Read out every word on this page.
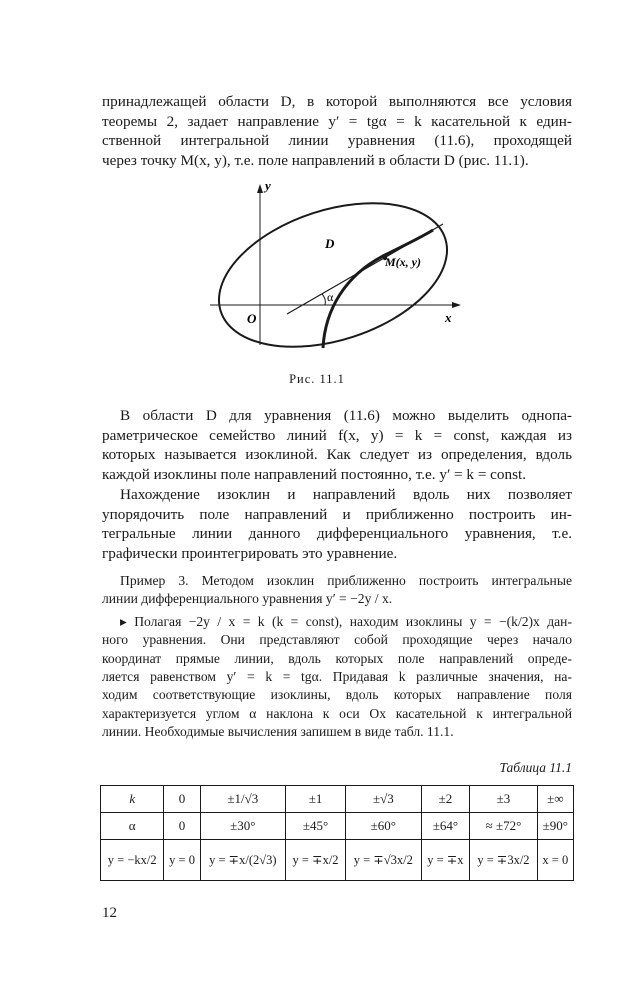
принадлежащей области D, в которой выполняются все условия
теоремы 2, задает направление y′ = tgα = k касательной к един-
ственной интегральной линии уравнения (11.6), проходящей
через точку M(x, y), т.е. поле направлений в области D (рис. 11.1).

y
x
O
D
M(x, y)
α
Рис. 11.1

В области D для уравнения (11.6) можно выделить однопа-
раметрическое семейство линий f(x, y) = k = const, каждая из
которых называется изоклиной. Как следует из определения, вдоль
каждой изоклины поле направлений постоянно, т.е. y′ = k = const.

Нахождение изоклин и направлений вдоль них позволяет
упорядочить поле направлений и приближенно построить ин-
тегральные линии данного дифференциального уравнения, т.е.
графически проинтегрировать это уравнение.

Пример 3. Методом изоклин приближенно построить интегральные
линии дифференциального уравнения y′ = −2y / x.
▸ Полагая −2y / x = k (k = const), находим изоклины y = −(k/2)x дан-
ного уравнения. Они представляют собой проходящие через начало
координат прямые линии, вдоль которых поле направлений опреде-
ляется равенством y′ = k = tgα. Придавая k различные значения, на-
ходим соответствующие изоклины, вдоль которых направление поля
характеризуется углом α наклона к оси Ox касательной к интегральной
линии. Необходимые вычисления запишем в виде табл. 11.1.

Таблица 11.1
k	0	±1/√3	±1	±√3	±2	±3	±∞
α	0	±30°	±45°	±60°	±64°	≈ ±72°	±90°
y = −kx/2	y = 0	y = ∓x/(2√3)	y = ∓x/2	y = ∓√3x/2	y = ∓x	y = ∓3x/2	x = 0
12
